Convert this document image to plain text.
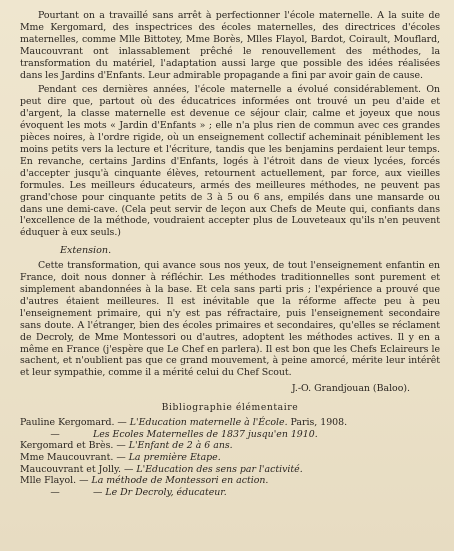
Pourtant on a travaillé sans arrêt à perfectionner l'école maternelle. A la suite de Mme Kergomard, des inspectrices des écoles maternelles, des directrices d'écoles maternelles, comme Mlle Bittotey, Mme Borès, Mlles Flayol, Bardot, Coirault, Mouflard, Maucouvrant ont inlassablement prêché le renouvellement des méthodes, la transformation du matériel, l'adaptation aussi large que possible des idées réalisées dans les Jardins d'Enfants. Leur admirable propagande a fini par avoir gain de cause.

Pendant ces dernières années, l'école maternelle a évolué considérablement. On peut dire que, partout où des éducatrices informées ont trouvé un peu d'aide et d'argent, la classe maternelle est devenue ce séjour clair, calme et joyeux que nous évoquent les mots « Jardin d'Enfants » ; elle n'a plus rien de commun avec ces grandes pièces noires, à l'ordre rigide, où un enseignement collectif acheminait péniblement les moins petits vers la lecture et l'écriture, tandis que les benjamins perdaient leur temps. En revanche, certains Jardins d'Enfants, logés à l'étroit dans de vieux lycées, forcés d'accepter jusqu'à cinquante élèves, retournent actuellement, par force, aux vieilles formules. Les meilleurs éducateurs, armés des meilleures méthodes, ne peuvent pas grand'chose pour cinquante petits de 3 à 5 ou 6 ans, empilés dans une mansarde ou dans une demi-cave. (Cela peut servir de leçon aux Chefs de Meute qui, confiants dans l'excellence de la méthode, voudraient accepter plus de Louveteaux qu'ils n'en peuvent éduquer à eux seuls.)

Extension.

Cette transformation, qui avance sous nos yeux, de tout l'enseignement enfantin en France, doit nous donner à réfléchir. Les méthodes traditionnelles sont purement et simplement abandonnées à la base. Et cela sans parti pris ; l'expérience a prouvé que d'autres étaient meilleures. Il est inévitable que la réforme affecte peu à peu l'enseignement primaire, qui n'y est pas réfractaire, puis l'enseignement secondaire sans doute. A l'étranger, bien des écoles primaires et secondaires, qu'elles se réclament de Decroly, de Mme Montessori ou d'autres, adoptent les méthodes actives. Il y en a même en France (j'espère que Le Chef en parlera). Il est bon que les Chefs Eclaireurs le sachent, et n'oublient pas que ce grand mouvement, à peine amorcé, mérite leur intérêt et leur sympathie, comme il a mérité celui du Chef Scout.

J.-O. Grandjouan (Baloo).
Bibliographie élémentaire

Pauline Kergomard. — L'Education maternelle à l'École. Paris, 1908.

—	Les Ecoles Maternelles de 1837 jusqu'en 1910.

Kergomard et Brès. — L'Enfant de 2 à 6 ans.

Mme Maucouvrant. — La première Etape.

Maucouvrant et Jolly. — L'Education des sens par l'activité.

Mlle Flayol. — La méthode de Montessori en action.

—	— Le Dr Decroly, éducateur.
